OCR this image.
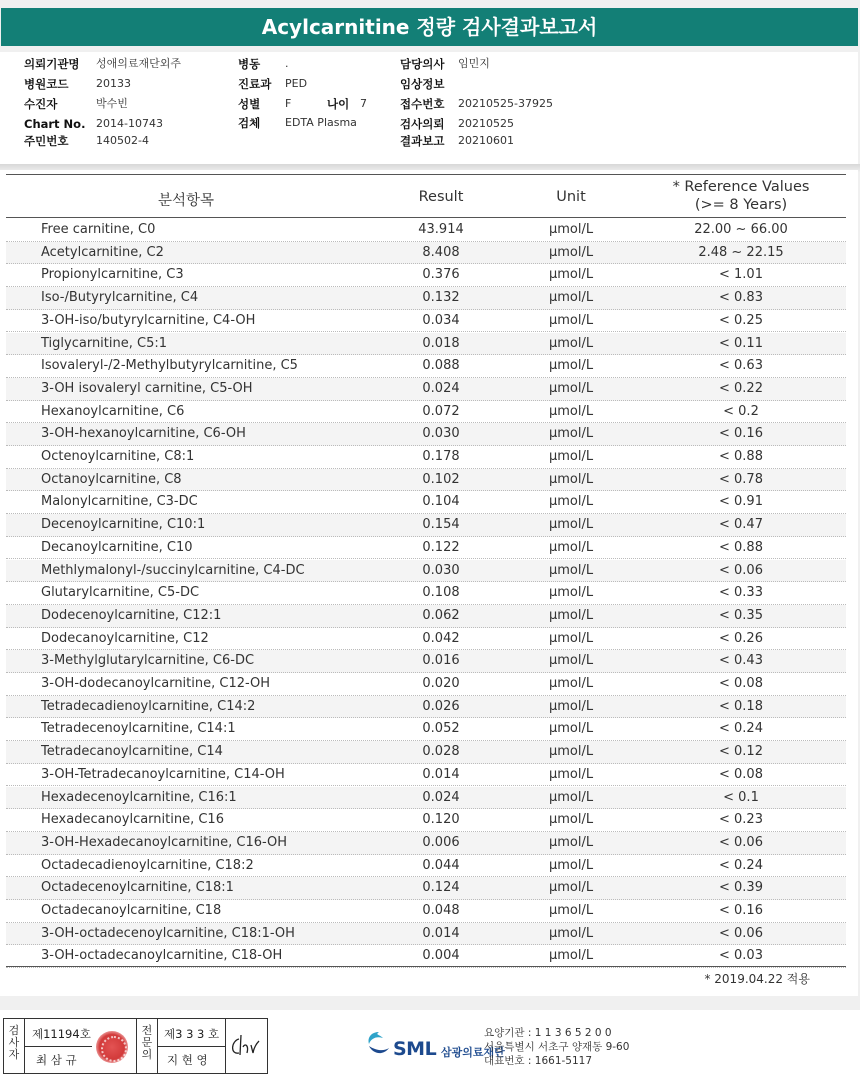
Acylcarnitine 정량 검사결과보고서
의뢰기관명 성애의료재단외주
병원코드	20133
수진자	박수빈
Chart No. 2014-10743
주민번호	140502-4
병동 .
진료과 PED
성별 F	나이 7
검체 EDTA Plasma
담당의사 임민지
임상정보
접수번호 20210525-37925
검사의뢰 20210525
결과보고 20210601
분석항목	Result	Unit
* Reference Values
(>= 8 Years)
Free carnitine, C0	43.914	μmol/L	22.00 ~ 66.00
Acetylcarnitine, C2	8.408	μmol/L	2.48 ~ 22.15
Propionylcarnitine, C3	0.376	μmol/L	< 1.01
Iso-/Butyrylcarnitine, C4	0.132	μmol/L	< 0.83
3-OH-iso/butyrylcarnitine, C4-OH	0.034	μmol/L	< 0.25
Tiglycarnitine, C5:1	0.018	μmol/L	< 0.11
Isovaleryl-/2-Methylbutyrylcarnitine, C5	0.088	μmol/L	< 0.63
3-OH isovaleryl carnitine, C5-OH	0.024	μmol/L	< 0.22
Hexanoylcarnitine, C6	0.072	μmol/L	< 0.2
3-OH-hexanoylcarnitine, C6-OH	0.030	μmol/L	< 0.16
Octenoylcarnitine, C8:1	0.178	μmol/L	< 0.88
Octanoylcarnitine, C8	0.102	μmol/L	< 0.78
Malonylcarnitine, C3-DC	0.104	μmol/L	< 0.91
Decenoylcarnitine, C10:1	0.154	μmol/L	< 0.47
Decanoylcarnitine, C10	0.122	μmol/L	< 0.88
Methlymalonyl-/succinylcarnitine, C4-DC	0.030	μmol/L	< 0.06
Glutarylcarnitine, C5-DC	0.108	μmol/L	< 0.33
Dodecenoylcarnitine, C12:1	0.062	μmol/L	< 0.35
Dodecanoylcarnitine, C12	0.042	μmol/L	< 0.26
3-Methylglutarylcarnitine, C6-DC	0.016	μmol/L	< 0.43
3-OH-dodecanoylcarnitine, C12-OH	0.020	μmol/L	< 0.08
Tetradecadienoylcarnitine, C14:2	0.026	μmol/L	< 0.18
Tetradecenoylcarnitine, C14:1	0.052	μmol/L	< 0.24
Tetradecanoylcarnitine, C14	0.028	μmol/L	< 0.12
3-OH-Tetradecanoylcarnitine, C14-OH	0.014	μmol/L	< 0.08
Hexadecenoylcarnitine, C16:1	0.024	μmol/L	< 0.1
Hexadecanoylcarnitine, C16	0.120	μmol/L	< 0.23
3-OH-Hexadecanoylcarnitine, C16-OH	0.006	μmol/L	< 0.06
Octadecadienoylcarnitine, C18:2	0.044	μmol/L	< 0.24
Octadecenoylcarnitine, C18:1	0.124	μmol/L	< 0.39
Octadecanoylcarnitine, C18	0.048	μmol/L	< 0.16
3-OH-octadecenoylcarnitine, C18:1-OH	0.014	μmol/L	< 0.06
3-OH-octadecanoylcarnitine, C18-OH	0.004	μmol/L	< 0.03
* 2019.04.22 적용
검사자
제11194호
최 삼 규
전문의
제3 3 3 호
지 현 영	SML 삼광의료재단
요양기관 : 1 1 3 6 5 2 0 0
서울특별시 서초구 양재동 9-60
대표번호 : 1661-5117
